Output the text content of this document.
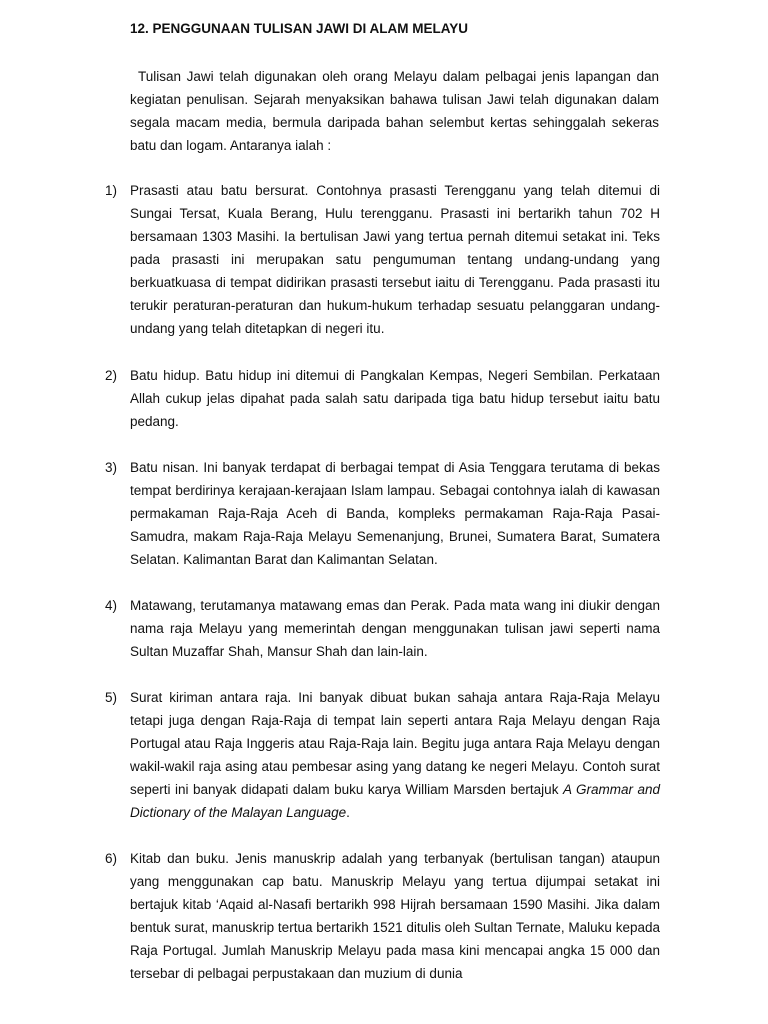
12. PENGGUNAAN TULISAN JAWI DI ALAM MELAYU
Tulisan Jawi telah digunakan oleh orang Melayu dalam pelbagai jenis lapangan dan kegiatan penulisan. Sejarah menyaksikan bahawa tulisan Jawi telah digunakan dalam segala macam media, bermula daripada bahan selembut kertas sehinggalah sekeras batu dan logam. Antaranya ialah :
1) Prasasti atau batu bersurat. Contohnya prasasti Terengganu yang telah ditemui di Sungai Tersat, Kuala Berang, Hulu terengganu. Prasasti ini bertarikh tahun 702 H bersamaan 1303 Masihi. Ia bertulisan Jawi yang tertua pernah ditemui setakat ini. Teks pada prasasti ini merupakan satu pengumuman tentang undang-undang yang berkuatkuasa di tempat didirikan prasasti tersebut iaitu di Terengganu. Pada prasasti itu terukir peraturan-peraturan dan hukum-hukum terhadap sesuatu pelanggaran undang-undang yang telah ditetapkan di negeri itu.
2) Batu hidup. Batu hidup ini ditemui di Pangkalan Kempas, Negeri Sembilan. Perkataan Allah cukup jelas dipahat pada salah satu daripada tiga batu hidup tersebut iaitu batu pedang.
3) Batu nisan. Ini banyak terdapat di berbagai tempat di Asia Tenggara terutama di bekas tempat berdirinya kerajaan-kerajaan Islam lampau. Sebagai contohnya ialah di kawasan permakaman Raja-Raja Aceh di Banda, kompleks permakaman Raja-Raja Pasai-Samudra, makam Raja-Raja Melayu Semenanjung, Brunei, Sumatera Barat, Sumatera Selatan. Kalimantan Barat dan Kalimantan Selatan.
4) Matawang, terutamanya matawang emas dan Perak. Pada mata wang ini diukir dengan nama raja Melayu yang memerintah dengan menggunakan tulisan jawi seperti nama Sultan Muzaffar Shah, Mansur Shah dan lain-lain.
5) Surat kiriman antara raja. Ini banyak dibuat bukan sahaja antara Raja-Raja Melayu tetapi juga dengan Raja-Raja di tempat lain seperti antara Raja Melayu dengan Raja Portugal atau Raja Inggeris atau Raja-Raja lain. Begitu juga antara Raja Melayu dengan wakil-wakil raja asing atau pembesar asing yang datang ke negeri Melayu. Contoh surat seperti ini banyak didapati dalam buku karya William Marsden bertajuk A Grammar and Dictionary of the Malayan Language.
6) Kitab dan buku. Jenis manuskrip adalah yang terbanyak (bertulisan tangan) ataupun yang menggunakan cap batu. Manuskrip Melayu yang tertua dijumpai setakat ini bertajuk kitab ‘Aqaid al-Nasafi bertarikh 998 Hijrah bersamaan 1590 Masihi. Jika dalam bentuk surat, manuskrip tertua bertarikh 1521 ditulis oleh Sultan Ternate, Maluku kepada Raja Portugal. Jumlah Manuskrip Melayu pada masa kini mencapai angka 15 000 dan tersebar di pelbagai perpustakaan dan muzium di dunia
